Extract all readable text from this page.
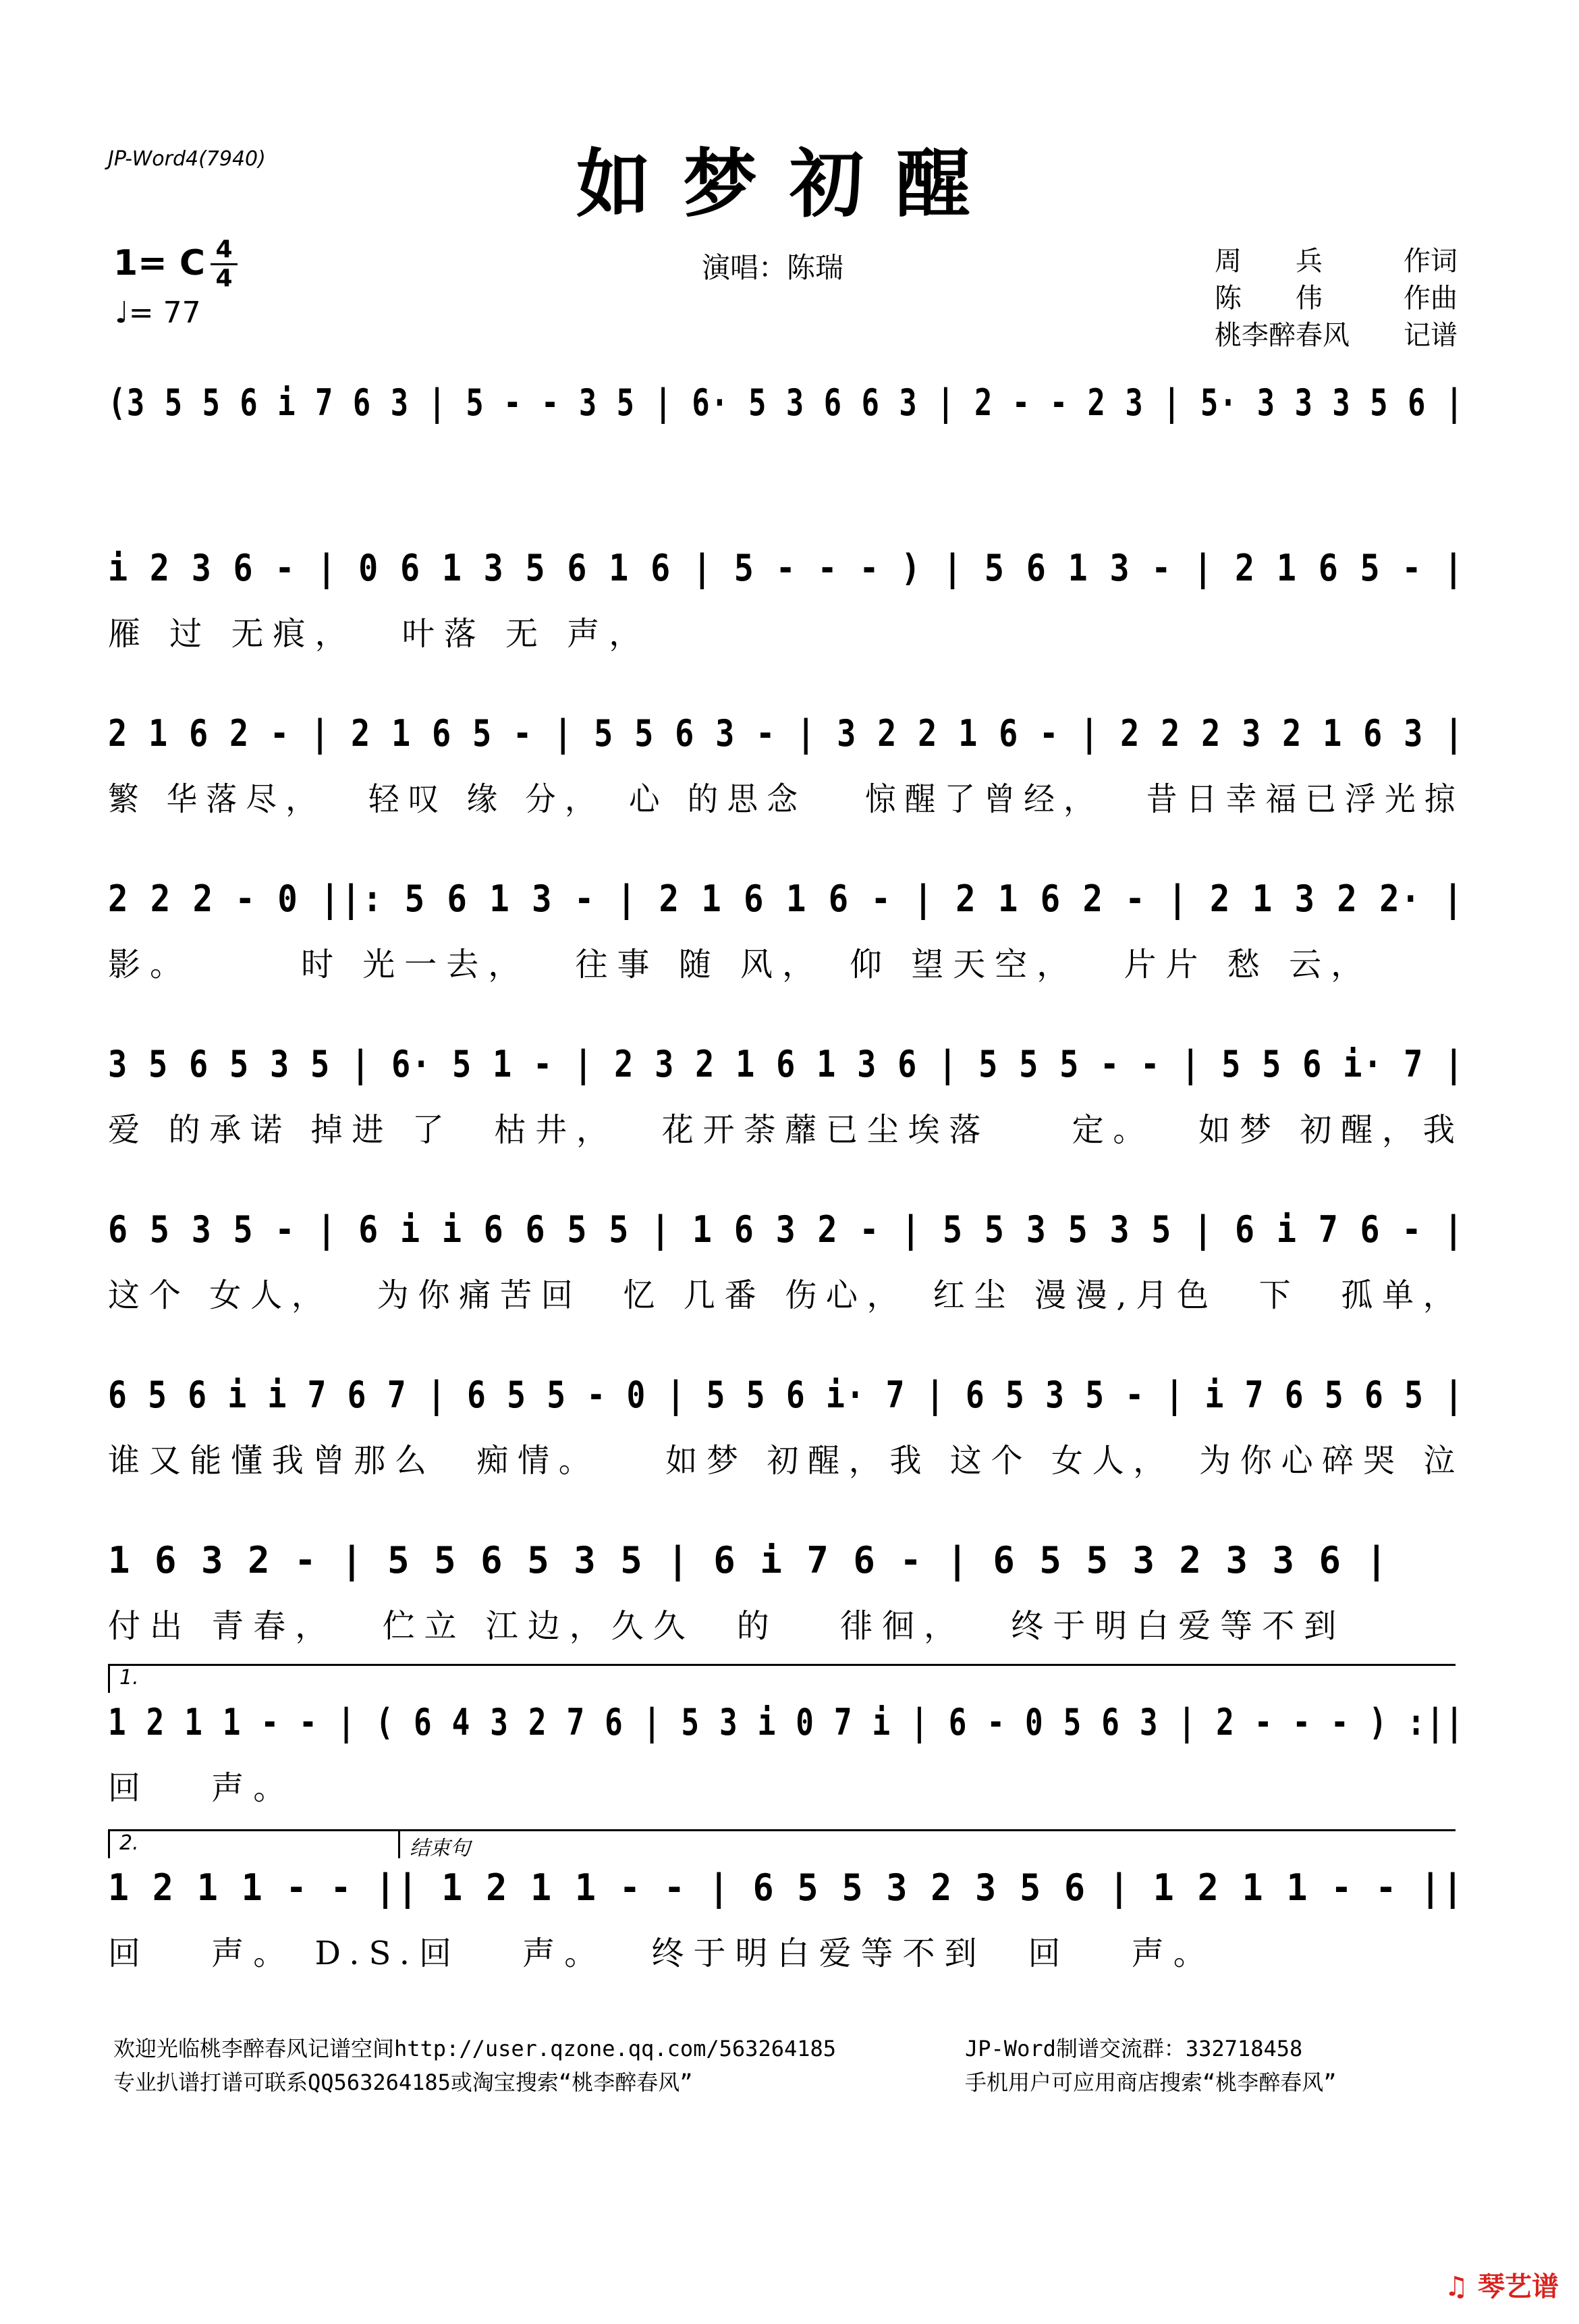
JP-Word4(7940)	如梦初醒
1= C 4
4
♩= 77
演唱：陈瑞	周　　兵	作词
陈　　伟	作曲
桃李醉春风 记谱
(3 5 5 6 i 7 6 3 | 5 - - 3 5 | 6· 5 3 6 6 3 | 2 - - 2 3 | 5· 3 3 3 5 6 |
i 2 3 6 - | 0 6 1 3 5 6 1 6 | 5 - - - ) | 5 6 1 3 - | 2 1 6 5 - |
雁 过 无痕，　 叶落 无 声，
2 1 6 2 - | 2 1 6 5 - | 5 5 6 3 - | 3 2 2 1 6 - | 2 2 2 3 2 1 6 3 |
繁 华落尽，　 轻叹 缘 分，　心 的思念　 惊醒了曾经，　 昔日幸福已浮光掠
2 2 2 - 0 ||: 5 6 1 3 - | 2 1 6 1 6 - | 2 1 6 2 - | 2 1 3 2 2· |
影。　　　时 光一去，　 往事 随 风，　仰 望天空，　 片片 愁 云，
3 5 6 5 3 5 | 6· 5 1 - | 2 3 2 1 6 1 3 6 | 5 5 5 - - | 5 5 6 i· 7 |
爱 的承诺 掉进 了　枯井，　 花开荼蘼已尘埃落　　定。　 如梦 初醒，我
6 5 3 5 - | 6 i i 6 6 5 5 | 1 6 3 2 - | 5 5 3 5 3 5 | 6 i 7 6 - |
这个 女人，　 为你痛苦回　忆 几番 伤心，　红尘 漫漫,月色　下　孤单，
6 5 6 i i 7 6 7 | 6 5 5 - 0 | 5 5 6 i· 7 | 6 5 3 5 - | i 7 6 5 6 5 |
谁又能懂我曾那么　痴情。　　如梦 初醒，我 这个 女人，　为你心碎哭 泣
1 6 3 2 - | 5 5 6 5 3 5 | 6 i 7 6 - | 6 5 5 3 2 3 3 6 |
付出 青春，　 伫立 江边，久久　的　 徘徊，　 终于明白爱等不到
1.
1 2 1 1 - - | ( 6 4 3 2 7 6 | 5 3 i 0 7 i | 6 - 0 5 6 3 | 2 - - - ) :||
回　 声。
2.	结束句
1 2 1 1 - - || 1 2 1 1 - - | 6 5 5 3 2 3 5 6 | 1 2 1 1 - - ||
回　 声。 D.S.回　 声。　 终于明白爱等不到　回　 声。
欢迎光临桃李醉春风记谱空间http://user.qzone.qq.com/563264185	JP-Word制谱交流群：332718458
专业扒谱打谱可联系QQ563264185或淘宝搜索“桃李醉春风”	手机用户可应用商店搜索“桃李醉春风”
♫ 琴艺谱
